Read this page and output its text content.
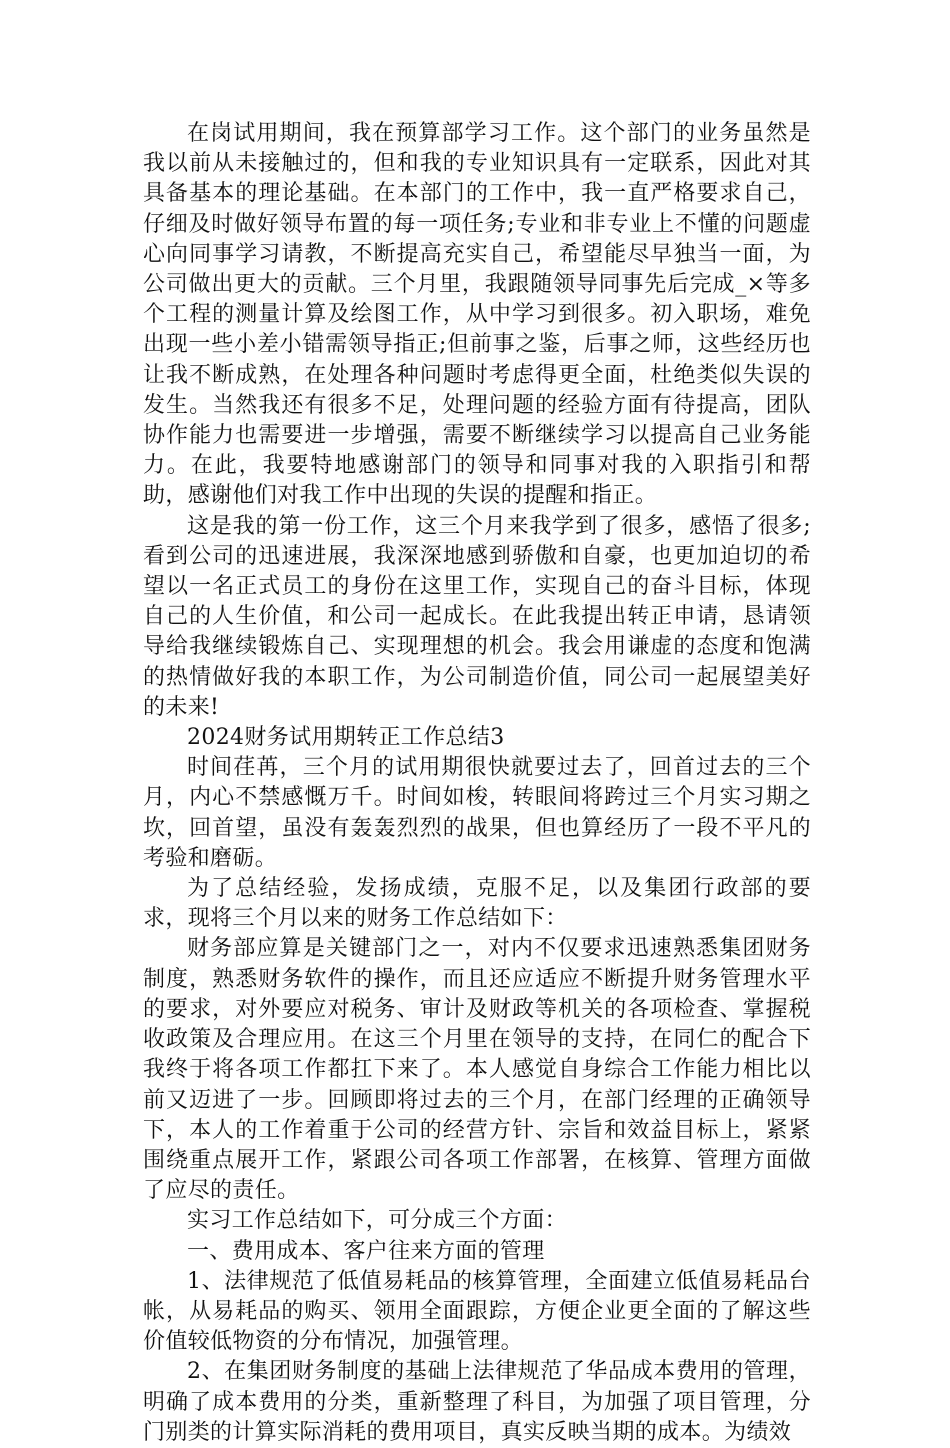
在岗试用期间，我在预算部学习工作。这个部门的业务虽然是我以前从未接触过的，但和我的专业知识具有一定联系，因此对其具备基本的理论基础。在本部门的工作中，我一直严格要求自己，仔细及时做好领导布置的每一项任务;专业和非专业上不懂的问题虚心向同事学习请教，不断提高充实自己，希望能尽早独当一面，为公司做出更大的贡献。三个月里，我跟随领导同事先后完成_×等多个工程的测量计算及绘图工作，从中学习到很多。初入职场，难免出现一些小差小错需领导指正;但前事之鉴，后事之师，这些经历也让我不断成熟，在处理各种问题时考虑得更全面，杜绝类似失误的发生。当然我还有很多不足，处理问题的经验方面有待提高，团队协作能力也需要进一步增强，需要不断继续学习以提高自己业务能力。在此，我要特地感谢部门的领导和同事对我的入职指引和帮助，感谢他们对我工作中出现的失误的提醒和指正。

这是我的第一份工作，这三个月来我学到了很多，感悟了很多;看到公司的迅速进展，我深深地感到骄傲和自豪，也更加迫切的希望以一名正式员工的身份在这里工作，实现自己的奋斗目标，体现自己的人生价值，和公司一起成长。在此我提出转正申请，恳请领导给我继续锻炼自己、实现理想的机会。我会用谦虚的态度和饱满的热情做好我的本职工作，为公司制造价值，同公司一起展望美好的未来!

2024财务试用期转正工作总结3

时间荏苒，三个月的试用期很快就要过去了，回首过去的三个月，内心不禁感慨万千。时间如梭，转眼间将跨过三个月实习期之坎，回首望，虽没有轰轰烈烈的战果，但也算经历了一段不平凡的考验和磨砺。

为了总结经验，发扬成绩，克服不足，以及集团行政部的要求，现将三个月以来的财务工作总结如下：

财务部应算是关键部门之一，对内不仅要求迅速熟悉集团财务制度，熟悉财务软件的操作，而且还应适应不断提升财务管理水平的要求，对外要应对税务、审计及财政等机关的各项检查、掌握税收政策及合理应用。在这三个月里在领导的支持，在同仁的配合下我终于将各项工作都扛下来了。本人感觉自身综合工作能力相比以前又迈进了一步。回顾即将过去的三个月，在部门经理的正确领导下，本人的工作着重于公司的经营方针、宗旨和效益目标上，紧紧围绕重点展开工作，紧跟公司各项工作部署，在核算、管理方面做了应尽的责任。

实习工作总结如下，可分成三个方面：

一、费用成本、客户往来方面的管理

1、法律规范了低值易耗品的核算管理，全面建立低值易耗品台帐，从易耗品的购买、领用全面跟踪，方便企业更全面的了解这些价值较低物资的分布情况，加强管理。

2、在集团财务制度的基础上法律规范了华品成本费用的管理，明确了成本费用的分类，重新整理了科目，为加强了项目管理，分门别类的计算实际消耗的费用项目，真实反映当期的成本。为绩效
